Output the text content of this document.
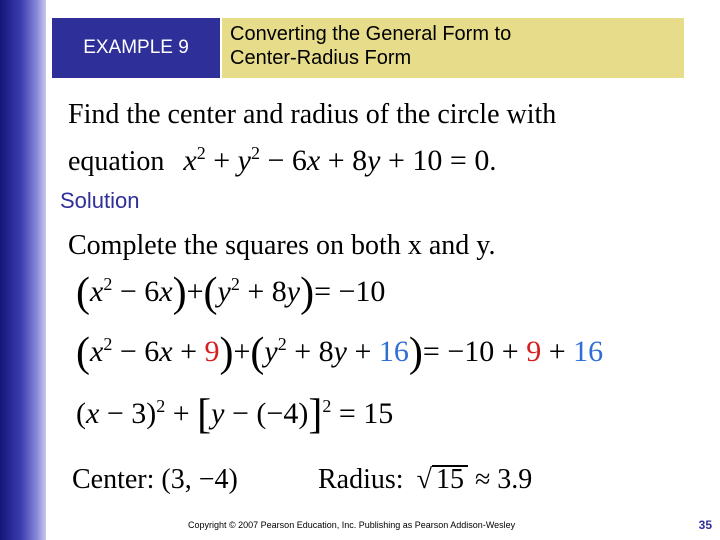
EXAMPLE 9
Converting the General Form to
Center-Radius Form
Find the center and radius of the circle with
equation $x^2 + y^2 - 6x + 8y + 10 = 0$.
Solution
Complete the squares on both x and y.
$(x^2 - 6x)+(y^2 + 8y)= -10$
$(x^2 - 6x + 9)+(y^2 + 8y + 16)= -10 + 9 + 16$
$(x - 3)^2 + [y - (-4)]^2 = 15$
Center: (3, −4)	Radius: √ 15 ≈ 3.9
Copyright © 2007 Pearson Education, Inc. Publishing as Pearson Addison-Wesley	35
